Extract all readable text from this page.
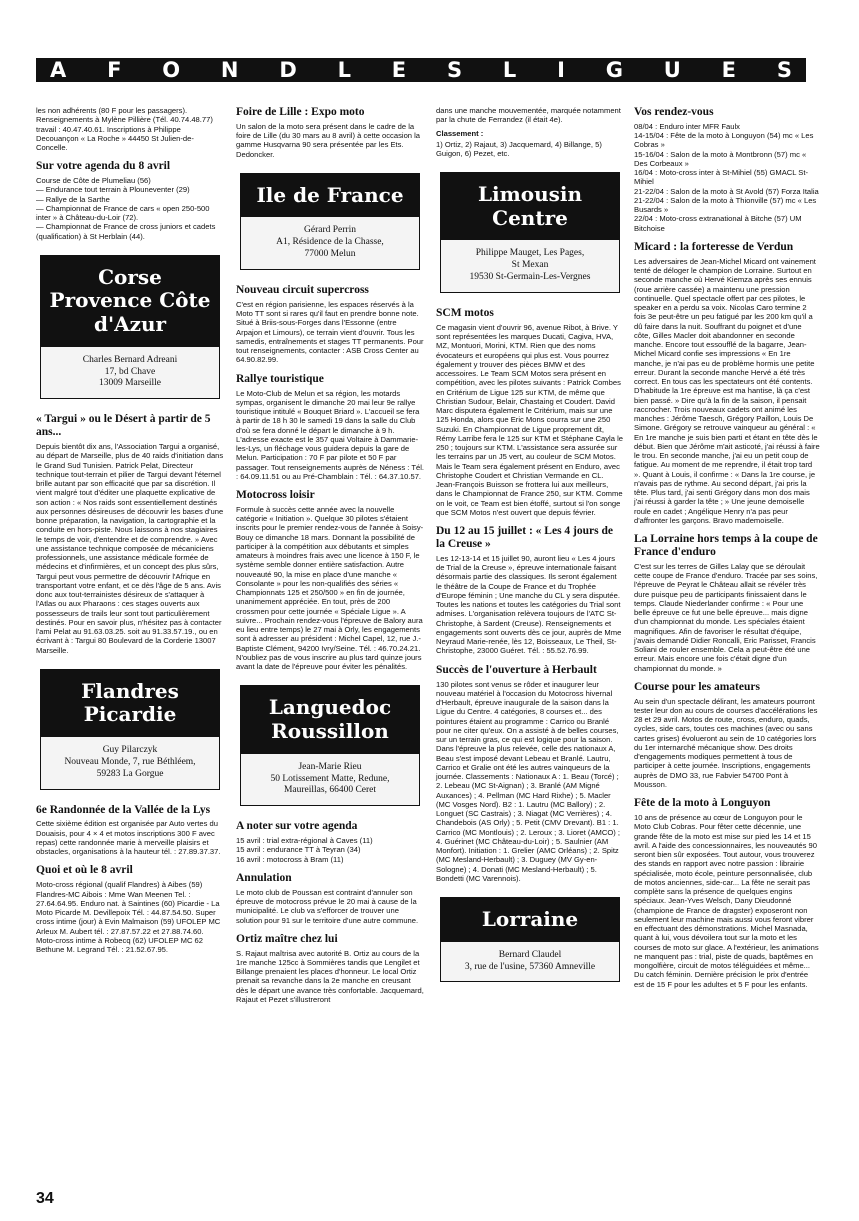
A F O N D L E S L I G U E S

les non adhérents (80 F pour les passagers). Renseignements à Mylène Pillière (Tél. 40.74.48.77) travail : 40.47.40.61. Inscriptions à Philippe Decouançon « La Roche » 44450 St Julien-de-Concelle.

Sur votre agenda du 8 avril

Course de Côte de Plumeliau (56)

— Endurance tout terrain à Plouneventer (29)

— Rallye de la Sarthe

— Championnat de France de cars « open 250-500 inter » à Château-du-Loir (72).

— Championnat de France de cross juniors et cadets (qualification) à St Herblain (44).

Corse Provence Côte d'Azur
Charles Bernard Adreani
17, bd Chave
13009 Marseille
« Targui » ou le Désert à partir de 5 ans...

Depuis bientôt dix ans, l'Association Targui a organisé, au départ de Marseille, plus de 40 raids d'initiation dans le Grand Sud Tunisien. Patrick Pelat, Directeur technique tout-terrain et pilier de Targui devant l'éternel brille autant par son efficacité que par sa discrétion. Il vient malgré tout d'éditer une plaquette explicative de son action : « Nos raids sont essentiellement destinés aux personnes désireuses de découvrir les bases d'une bonne préparation, la navigation, la cartographie et la conduite en hors-piste. Nous laissons à nos stagiaires le temps de voir, d'entendre et de comprendre. » Avec une assistance technique composée de mécaniciens professionnels, une assistance médicale formée de médecins et d'infirmières, et un concept des plus sûrs, Targui peut vous permettre de découvrir l'Afrique en transportant votre enfant, et ce dès l'âge de 5 ans. Avis donc aux tout-terrainistes désireux de s'attaquer à l'Atlas ou aux Pharaons : ces stages ouverts aux possesseurs de trails leur sont tout particulièrement destinés. Pour en savoir plus, n'hésitez pas à contacter l'ami Pelat au 91.63.03.25. soit au 91.33.57.19., ou en écrivant à : Targui 80 Boulevard de la Corderie 13007 Marseille.

Flandres Picardie
Guy Pilarczyk
Nouveau Monde, 7, rue Béthléem,
59283 La Gorgue
6e Randonnée de la Vallée de la Lys

Cette sixième édition est organisée par Auto vertes du Douaisis, pour 4 × 4 et motos inscriptions 300 F avec repas) cette randonnée marie à merveille plaisirs et obstacles, organisations à la hauteur tél. : 27.89.37.37.

Quoi et où le 8 avril

Moto-cross régional (qualif Flandres) à Aibes (59) Flandres-MC Aibois : Mme Wan Meenen Tel. : 27.64.64.95. Enduro nat. à Saintines (60) Picardie - La Moto Picarde M. Devillepoix Tél. : 44.87.54.50. Super cross intime (jour) à Evin Malmaison (59) UFOLEP MC Arleux M. Aubert tél. : 27.87.57.22 et 27.88.74.60. Moto-cross intime à Robecq (62) UFOLEP MC 62 Bethune M. Legrand Tél. : 21.52.67.95.

Foire de Lille : Expo moto

Un salon de la moto sera présent dans le cadre de la foire de Lille (du 30 mars au 8 avril) à cette occasion la gamme Husqvarna 90 sera présentée par les Ets. Dedoncker.

Ile de France
Gérard Perrin
A1, Résidence de la Chasse,
77000 Melun
Nouveau circuit supercross

C'est en région parisienne, les espaces réservés à la Moto TT sont si rares qu'il faut en prendre bonne note. Situé à Briis-sous-Forges dans l'Essonne (entre Arpajon et Limours), ce terrain vient d'ouvrir. Tous les samedis, entraînements et stages TT permanents. Pour tout renseignements, contacter : ASB Cross Center au 64.90.82.99.

Rallye touristique

Le Moto-Club de Melun et sa région, les motards sympas, organisent le dimanche 20 mai leur 9e rallye touristique intitulé « Bouquet Briard ». L'accueil se fera à partir de 18 h 30 le samedi 19 dans la salle du Club d'où se fera donné le départ le dimanche à 9 h. L'adresse exacte est le 357 quai Voltaire à Dammarie-les-Lys, un fléchage vous guidera depuis la gare de Melun. Participation : 70 F par pilote et 50 F par passager. Tout renseignements auprès de Néness : Tél. : 64.09.11.51 ou au Pré-Chamblain : Tél. : 64.37.10.57.

Motocross loisir

Formule à succès cette année avec la nouvelle catégorie « Initiation ». Quelque 30 pilotes s'étaient inscrits pour le premier rendez-vous de l'année à Soisy-Bouy ce dimanche 18 mars. Donnant la possibilité de participer à la compétition aux débutants et simples amateurs à moindres frais avec une licence à 150 F, le système semble donner entière satisfaction. Autre nouveauté 90, la mise en place d'une manche « Consolante » pour les non-qualifiés des séries « Championnats 125 et 250/500 » en fin de journée, unanimement appréciée. En tout, près de 200 crossmen pour cette journée « Spéciale Ligue ». A suivre... Prochain rendez-vous l'épreuve de Balory aura eu lieu entre temps) le 27 mai à Orly, les engagements sont à adresser au président : Michel Capel, 12, rue J.-Baptiste Clément, 94200 Ivry/Seine. Tél. : 46.70.24.21. N'oubliez pas de vous inscrire au plus tard quinze jours avant la date de l'épreuve pour éviter les pénalités.

Languedoc Roussillon
Jean-Marie Rieu
50 Lotissement Matte, Redune,
Maureillas, 66400 Ceret
A noter sur votre agenda

15 avril : trial extra-régional à Caves (11)

15 avril : endurance TT à Teyran (34)

16 avril : motocross à Bram (11)

Annulation

Le moto club de Poussan est contraint d'annuler son épreuve de motocross prévue le 20 mai à cause de la municipalité. Le club va s'efforcer de trouver une solution pour 91 sur le territoire d'une autre commune.

Ortiz maître chez lui

S. Rajaut maîtrisa avec autorité B. Ortiz au cours de la 1re manche 125cc à Sommières tandis que Lengilet et Billange prenaient les places d'honneur. Le local Ortiz prenait sa revanche dans la 2e manche en creusant dès le départ une avance très confortable. Jacquemard, Rajaut et Pezet s'illustreront

dans une manche mouvementée, marquée notamment par la chute de Ferrandez (il était 4e).

Classement :

1) Ortiz, 2) Rajaut, 3) Jacquemard, 4) Billange, 5) Guigon, 6) Pezet, etc.

Limousin Centre
Philippe Mauget, Les Pages,
St Mexan
19530 St-Germain-Les-Vergnes
SCM motos

Ce magasin vient d'ouvrir 96, avenue Ribot, à Brive. Y sont représentées les marques Ducati, Cagiva, HVA, MZ, Montuori, Morini, KTM. Rien que des noms évocateurs et européens qui plus est. Vous pourrez également y trouver des pièces BMW et des accessoires. Le Team SCM Motos sera présent en compétition, avec les pilotes suivants : Patrick Combes en Critérium de Ligue 125 sur KTM, de même que Christian Sudour, Belair, Chastaing et Coudert. David Marc disputera également le Critérium, mais sur une 125 Honda, alors que Eric Mons courra sur une 250 Suzuki. En Championnat de Ligue proprement dit, Rémy Larribe fera le 125 sur KTM et Stéphane Cayla le 250 ; toujours sur KTM. L'assistance sera assurée sur les terrains par un J5 vert, au couleur de SCM Motos. Mais le Team sera également présent en Enduro, avec Christophe Coudert et Christian Vermande en CL. Jean-François Buisson se frottera lui aux meilleurs, dans le Championnat de France 250, sur KTM. Comme on le voit, ce Team est bien étoffé, surtout si l'on songe que SCM Motos n'est ouvert que depuis février.

Du 12 au 15 juillet : « Les 4 jours de la Creuse »

Les 12-13-14 et 15 juillet 90, auront lieu « Les 4 jours de Trial de la Creuse », épreuve internationale faisant désormais partie des classiques. Ils seront également le théâtre de la Coupe de France et du Trophée d'Europe féminin ; Une manche du CL y sera disputée. Toutes les nations et toutes les catégories du Trial sont admises. L'organisation relèvera toujours de l'ATC St-Christophe, à Sardent (Creuse). Renseignements et engagements sont ouverts dès ce jour, auprès de Mme Neyraud Marie-renée, lès 12, Boisseaux, Le Theil, St-Christophe, 23000 Guéret. Tél. : 55.52.76.99.

Succès de l'ouverture à Herbault

130 pilotes sont venus se rôder et inaugurer leur nouveau matériel à l'occasion du Motocross hivernal d'Herbault, épreuve inaugurale de la saison dans la Ligue du Centre. 4 catégories, 8 courses et... des pointures étaient au programme : Carrico ou Branlé pour ne citer qu'eux. On a assisté à de belles courses, sur un terrain gras, ce qui est logique pour la saison. Dans l'épreuve la plus relevée, celle des nationaux A, Beau s'est imposé devant Lebeau et Branlé. Lautru, Carrico et Gralie ont été les autres vainqueurs de la journée. Classements : Nationaux A : 1. Beau (Torcé) ; 2. Lebeau (MC St-Aignan) ; 3. Branlé (AM Migné Auxances) ; 4. Pellman (MC Hard Rixhe) ; 5. Macler (MC Vosges Nord). B2 : 1. Lautru (MC Ballory) ; 2. Longuet (SC Castrais) ; 3. Niagat (MC Verrières) ; 4. Chandebois (AS Orly) ; 5. Petit (CMV Drevant). B1 : 1. Carrico (MC Montlouis) ; 2. Leroux ; 3. Lioret (AMCO) ; 4. Guérinet (MC Château-du-Loir) ; 5. Saulnier (AM Monfort). Initiation : 1. Grelier (AMC Orléans) ; 2. Spitz (MC Mesland-Herbault) ; 3. Duguey (MV Gy-en-Sologne) ; 4. Donati (MC Mesland-Herbault) ; 5. Bondetti (MC Varennois).

Lorraine
Bernard Claudel
3, rue de l'usine, 57360 Amneville
Vos rendez-vous

08/04 : Enduro inter MFR Faulx

14-15/04 : Fête de la moto à Longuyon (54) mc « Les Cobras »

15-16/04 : Salon de la moto à Montbronn (57) mc « Des Corbeaux »

16/04 : Moto-cross inter à St-Mihiel (55) GMACL St-Mihiel

21-22/04 : Salon de la moto à St Avold (57) Forza Italia

21-22/04 : Salon de la moto à Thionville (57) mc « Les Busards »

22/04 : Moto-cross extranational à Bitche (57) UM Bitchoise

Micard : la forteresse de Verdun

Les adversaires de Jean-Michel Micard ont vainement tenté de déloger le champion de Lorraine. Surtout en seconde manche où Hervé Kiemza après ses ennuis (roue arrière cassée) a maintenu une pression continuelle. Quel spectacle offert par ces pilotes, le speaker en a perdu sa voix. Nicolas Caro termine 2 fois 3e peut-être un peu fatigué par les 200 km qu'il a dû faire dans la nuit. Souffrant du poignet et d'une côte, Gilles Macler doit abandonner en seconde manche. Encore tout essoufflé de la bagarre, Jean-Michel Micard confie ses impressions « En 1re manche, je n'ai pas eu de problème hormis une petite erreur. Durant la seconde manche Hervé a été très correct. En tous cas les spectateurs ont été contents. D'habitude la 1re épreuve est ma hantise, là ça c'est bien passé. » Dire qu'à la fin de la saison, il pensait raccrocher. Trois nouveaux cadets ont animé les manches : Jérôme Taesch, Grégory Paillon, Louis De Simone. Grégory se retrouve vainqueur au général : « En 1re manche je suis bien parti et étant en tête dès le début. Bien que Jérôme m'ait asticoté, j'ai réussi à faire le trou. En seconde manche, j'ai eu un petit coup de fatigue. Au moment de me reprendre, il était trop tard ». Quant à Louis, il confirme : « Dans la 1re course, je n'avais pas de rythme. Au second départ, j'ai pris la tête. Plus tard, j'ai senti Grégory dans mon dos mais j'ai réussi à garder la tête ; » Une jeune demoiselle roule en cadet ; Angélique Henry n'a pas peur d'affronter les garçons. Bravo mademoiselle.

La Lorraine hors temps à la coupe de France d'enduro

C'est sur les terres de Gilles Lalay que se déroulait cette coupe de France d'enduro. Tracée par ses soins, l'épreuve de Peyrat le Château allait se révéler très dure puisque peu de participants finissaient dans le temps. Claude Niederlander confirme : « Pour une belle épreuve ce fut une belle épreuve... mais digne d'un championnat du monde. Les spéciales étaient magnifiques. Afin de favoriser le résultat d'équipe, j'avais demandé Didier Roncalli, Eric Parisset, Francis Soliani de rouler ensemble. Cela a peut-être été une erreur. Mais encore une fois c'était digne d'un championnat du monde. »

Course pour les amateurs

Au sein d'un spectacle délirant, les amateurs pourront tester leur don au cours de courses d'accélérations les 28 et 29 avril. Motos de route, cross, enduro, quads, cycles, side cars, toutes ces machines (avec ou sans cartes grises) évolueront au sein de 10 catégories lors du 1er internarché mécanique show. Des droits d'engagements modiques permettent à tous de participer à cette journée. Inscriptions, engagements auprès de DMO 33, rue Fabvier 54700 Pont à Mousson.

Fête de la moto à Longuyon

10 ans de présence au cœur de Longuyon pour le Moto Club Cobras. Pour fêter cette décennie, une grande fête de la moto est mise sur pied les 14 et 15 avril. A l'aide des concessionnaires, les nouveautés 90 seront bien sûr exposées. Tout autour, vous trouverez des stands en rapport avec notre passion : librairie spécialisée, moto école, peinture personnalisée, club de motos anciennes, side-car... La fête ne serait pas complète sans la présence de quelques engins spéciaux. Jean-Yves Welsch, Dany Dieudonné (champione de France de dragster) exposeront non seulement leur machine mais aussi vous feront vibrer en effectuant des démonstrations. Michel Masnada, quant à lui, vous dévoilera tout sur la moto et les courses de moto sur glace. A l'extérieur, les animations ne manquent pas : trial, piste de quads, baptêmes en mongolfière, circuit de motos téléguidées et même... Du catch féminin. Dernière précision le prix d'entrée est de 15 F pour les adultes et 5 F pour les enfants.

34
